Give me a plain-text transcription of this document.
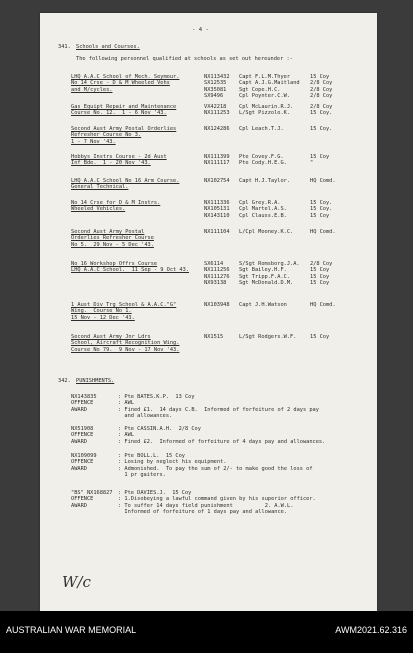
- 4 -
341. Schools and Courses.
The following personnel qualified at schools as set out hereunder :-
LHQ A.A.C School of Mech. Seymour.
No 14 Crse - D & M Wheeled Vehs
and M/cycles.
NX113432 Capt F.L.M.Thyer	15 Coy
SX12535 Capt A.J.G.Maitland 2/8 Coy
NX35081 Sgt Cope.H.C.	2/8 Coy
SX9496	Cpl Poynter.C.W.	2/8 Coy
Gas Equipt Repair and Maintenance
Course No. 12.  1 - 6 Nov '43.
VX42218 Cpl McLaurin.R.J.	2/8 Coy
NX111253 L/Sgt Pizzolo.K.	15 Coy.
Second Aust Army Postal Orderlies
Refresher Course No 3.
1 - 7 Nov '43.
NX124286 Cpl Leach.T.J.	15 Coy.
Hobbys Instrs Course - 2d Aust
Inf Bde.  1 - 20 Nov '43.
NX111399 Pte Covey.F.G.	15 Coy
NX111117 Pte Cody.H.E.G.	"
LHQ A.A.C School No 16 Arm Course.
General Technical.
NX102754 Capt H.J.Taylor.	HQ Comd.
No 14 Crse for D & M Instrs.
Wheeled Vehicles.
NX111336 Cpl Grey.R.A.	15 Coy.
NX105131 Cpl Martel.A.S.	15 Coy.
NX143110 Cpl Clauss.E.B.	15 Coy
Second Aust Army Postal
Orderlies Refresher Course
No 5.  29 Nov - 5 Dec '43.
NX111104 L/Cpl Mooney.K.C.	HQ Comd.
No 16 Workshop Offrs Course
LHQ A.A.C School.  11 Sep - 9 Oct 43.
SX6114	S/Sgt Romsborg.J.A. 2/8 Coy
NX111256 Sgt Bailey.H.F.	15 Coy
NX111276 Sgt Tripp.F.A.C.	15 Coy
NX93138 Sgt McDonald.D.M.	15 Coy
1 Aust Div Trg School & A.A.C."G"
Wing.  Course No 1.
15 Nov - 12 Dec '43.
NX103948 Capt J.H.Watson	HQ Comd.
Second Aust Army Jnr Ldrs
School, Aircraft Recognition Wing.
Course No 79.  9 Nov - 17 Nov '43.
NX1515	L/Sgt Rodgers.W.F.	15 Coy
342. PUNISHMENTS.
NX143835	: Pte BATES.K.P.  13 Coy
OFFENCE	: AWL
AWARD	: Fined £1.  14 days C.B.  Informed of forfeiture of 2 days pay
and allowances.
NX51908	: Pte CASSIN.A.H.  2/8 Coy
OFFENCE	: AWL
AWARD	: Fined £2.  Informed of forfeiture of 4 days pay and allowances.
NX109099	: Pte BOLL.L.  15 Coy
OFFENCE	: Losing by neglect his equipment.
AWARD	: Admonished.  To pay the sum of 2/- to make good the loss of
1 pr gaiters.
"BS" NX168827 : Pte DAVIES.J.  15 Coy
OFFENCE	: 1.Disobeying a lawful command given by his superior officer.
AWARD	: To suffer 14 days field punishment          2. A.W.L.
Informed of forfeiture of 1 days pay and allowance.
W/c
AUSTRALIAN WAR MEMORIAL	AWM2021.62.316
